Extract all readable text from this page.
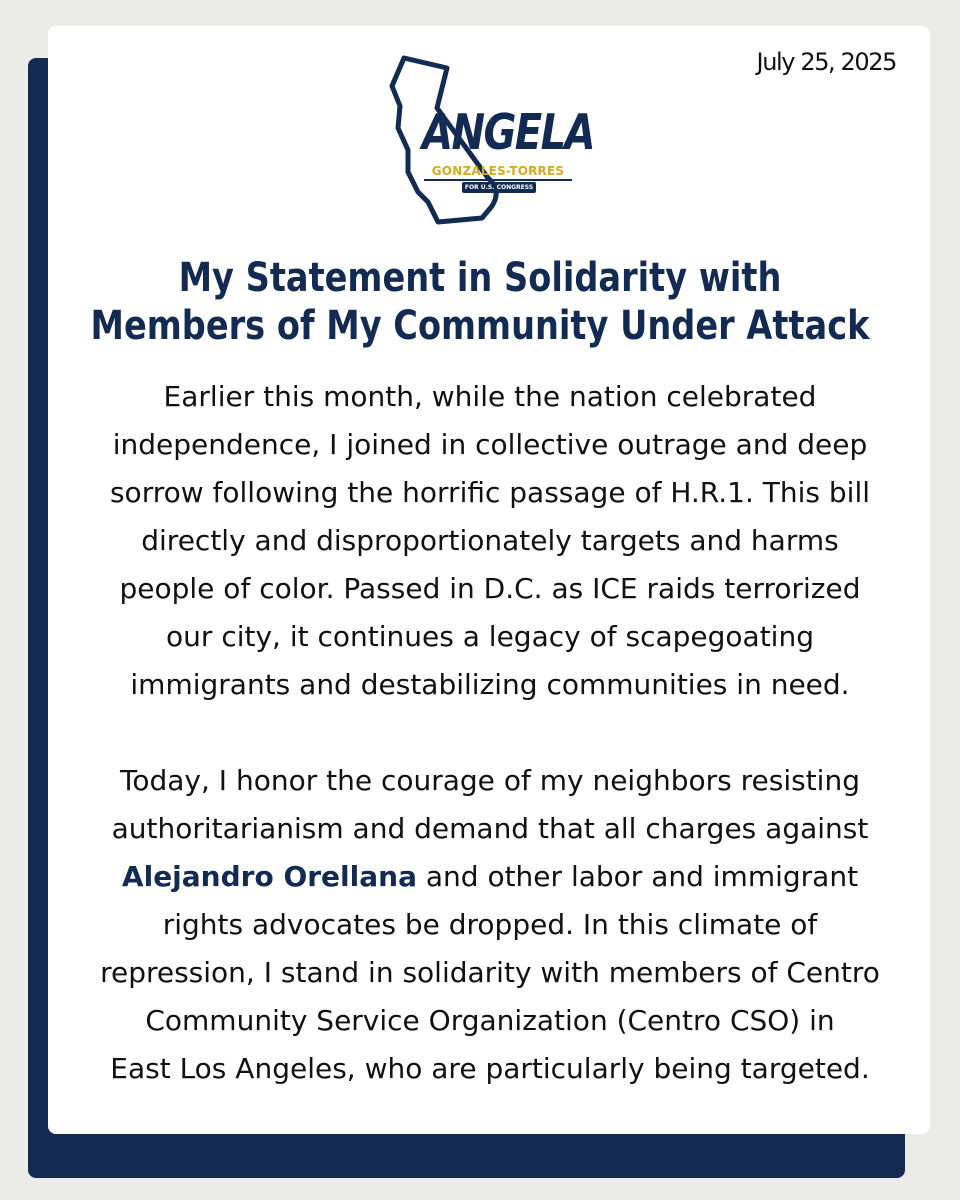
July 25, 2025
ANGELA
GONZALES-TORRES
FOR U.S. CONGRESS
My Statement in Solidarity with
Members of My Community Under Attack
Earlier this month, while the nation celebrated
independence, I joined in collective outrage and deep
sorrow following the horrific passage of H.R.1. This bill
directly and disproportionately targets and harms
people of color. Passed in D.C. as ICE raids terrorized
our city, it continues a legacy of scapegoating
immigrants and destabilizing communities in need.
Today, I honor the courage of my neighbors resisting
authoritarianism and demand that all charges against
Alejandro Orellana and other labor and immigrant
rights advocates be dropped. In this climate of
repression, I stand in solidarity with members of Centro
Community Service Organization (Centro CSO) in
East Los Angeles, who are particularly being targeted.
